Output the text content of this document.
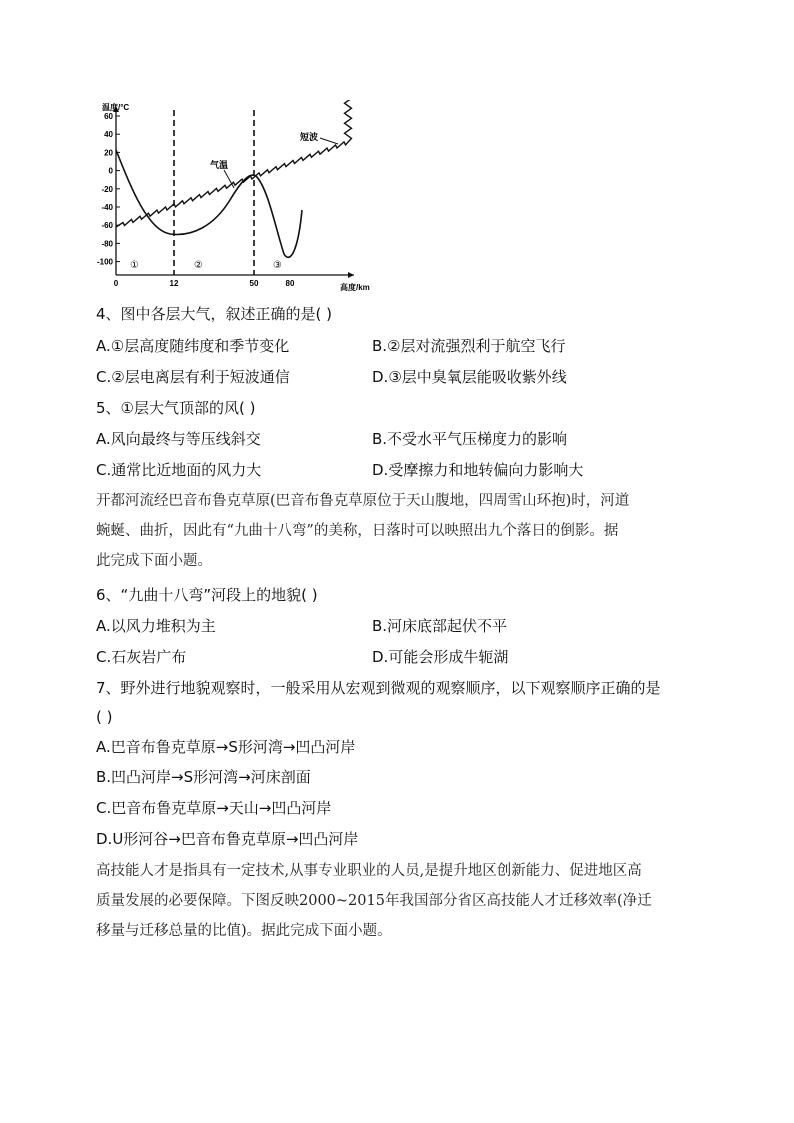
60
40
20
0
-20
-40
-60
-80
-100
0	12	50	80
温度/°C
高度/km
气温
短波
①	②	③
4、图中各层大气，叙述正确的是( )
A.①层高度随纬度和季节变化	B.②层对流强烈利于航空飞行
C.②层电离层有利于短波通信	D.③层中臭氧层能吸收紫外线
5、①层大气顶部的风( )
A.风向最终与等压线斜交	B.不受水平气压梯度力的影响
C.通常比近地面的风力大	D.受摩擦力和地转偏向力影响大
开都河流经巴音布鲁克草原(巴音布鲁克草原位于天山腹地，四周雪山环抱)时，河道
蜿蜒、曲折，因此有“九曲十八弯”的美称，日落时可以映照出九个落日的倒影。据
此完成下面小题。
6、“九曲十八弯”河段上的地貌( )
A.以风力堆积为主	B.河床底部起伏不平
C.石灰岩广布	D.可能会形成牛轭湖
7、野外进行地貌观察时，一般采用从宏观到微观的观察顺序，以下观察顺序正确的是
( )
A.巴音布鲁克草原→S形河湾→凹凸河岸
B.凹凸河岸→S形河湾→河床剖面
C.巴音布鲁克草原→天山→凹凸河岸
D.U形河谷→巴音布鲁克草原→凹凸河岸
高技能人才是指具有一定技术,从事专业职业的人员,是提升地区创新能力、促进地区高
质量发展的必要保障。下图反映2000~2015年我国部分省区高技能人才迁移效率(净迁
移量与迁移总量的比值)。据此完成下面小题。
